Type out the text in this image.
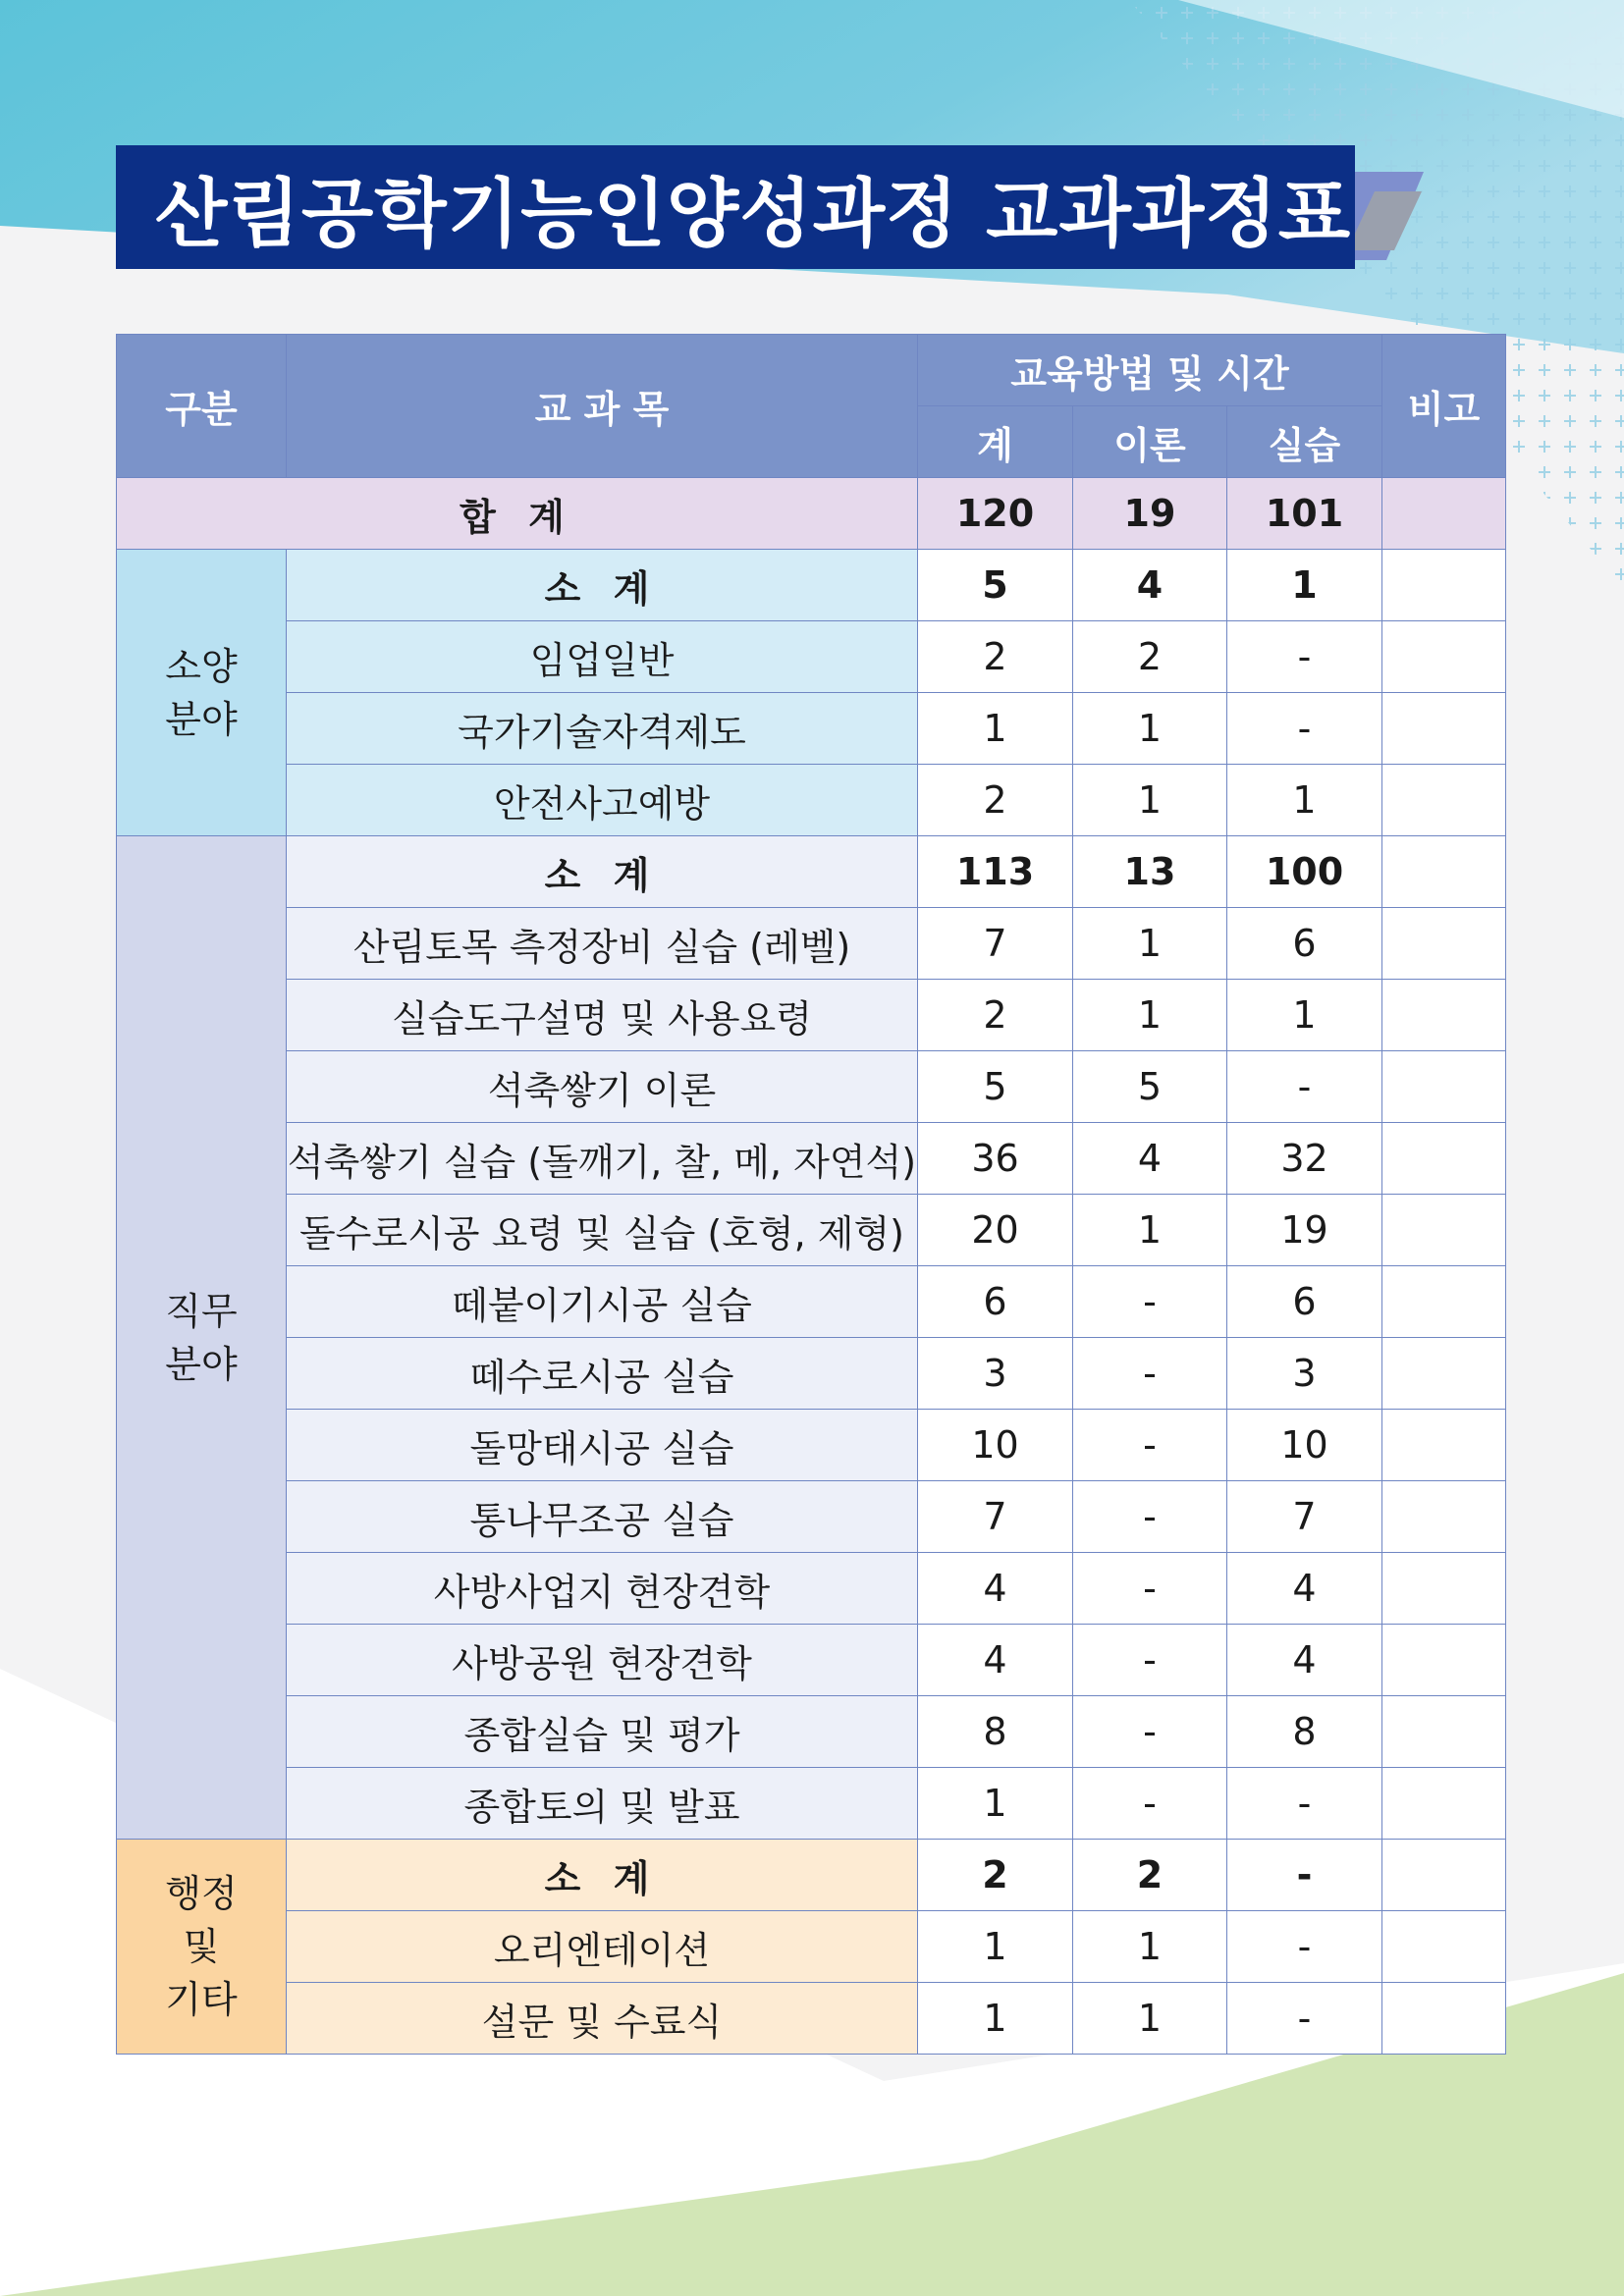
산림공학기능인양성과정 교과과정표
구분	교 과 목	교육방법 및 시간			비고
		계	이론	실습	
합 계		120	19	101	

소양
분야	소 계	5	4	1	
	임업일반	2	2	-	
	국가기술자격제도	1	1	-	
	안전사고예방	2	1	1	

직무
분야	소 계	113	13	100	
	산림토목 측정장비 실습 (레벨)	7	1	6	
	실습도구설명 및 사용요령	2	1	1	
	석축쌓기 이론	5	5	-	
	석축쌓기 실습 (돌깨기, 찰, 메, 자연석)	36	4	32	
	돌수로시공 요령 및 실습 (호형, 제형)	20	1	19	
	떼붙이기시공 실습	6	-	6	
	떼수로시공 실습	3	-	3	
	돌망태시공 실습	10	-	10	
	통나무조공 실습	7	-	7	
	사방사업지 현장견학	4	-	4	
	사방공원 현장견학	4	-	4	
	종합실습 및 평가	8	-	8	
	종합토의 및 발표	1	-	-	

행정
및
기타	소 계	2	2	-	
	오리엔테이션	1	1	-	
	설문 및 수료식	1	1	-	
